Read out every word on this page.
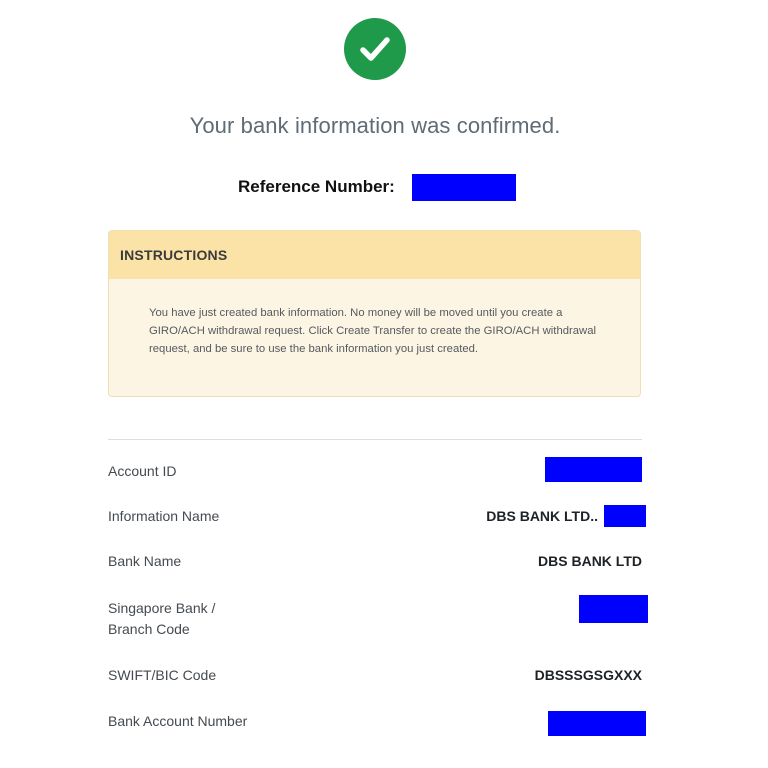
Your bank information was confirmed.
Reference Number:
INSTRUCTIONS
You have just created bank information. No money will be moved until you create a GIRO/ACH withdrawal request. Click Create Transfer to create the GIRO/ACH withdrawal request, and be sure to use the bank information you just created.
Account ID
Information Name	DBS BANK LTD..
Bank Name	DBS BANK LTD
Singapore Bank /
Branch Code
SWIFT/BIC Code	DBSSSGSGXXX
Bank Account Number
